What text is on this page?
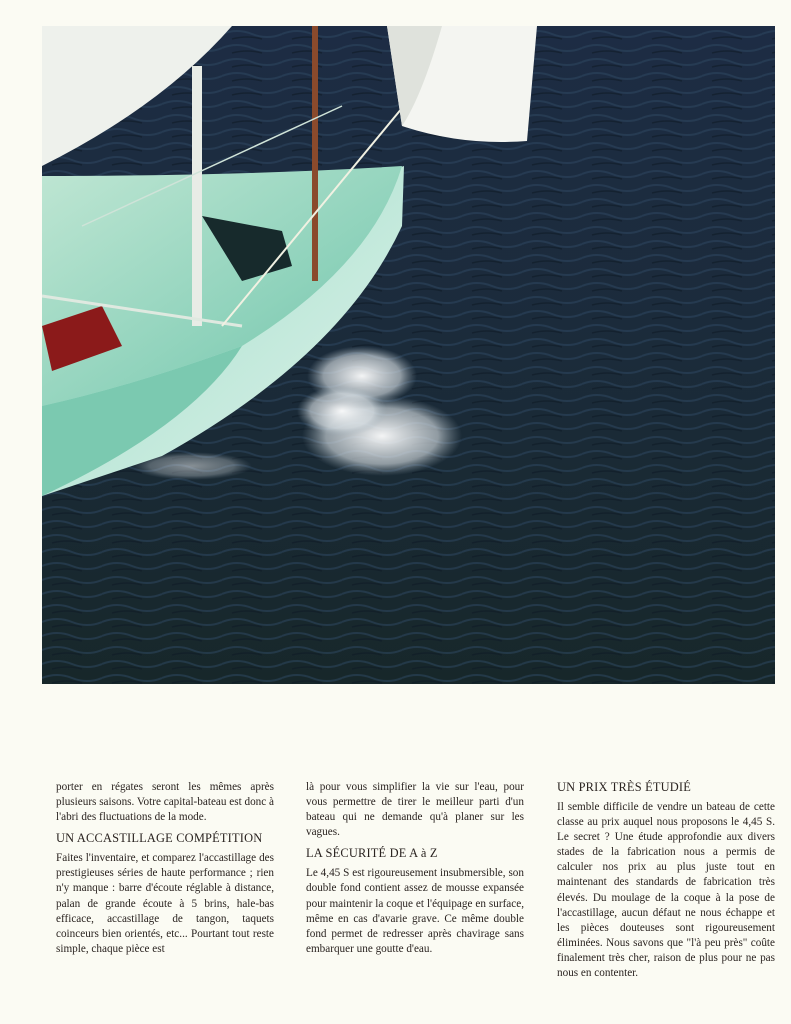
porter en régates seront les mêmes après plusieurs saisons. Votre capital-bateau est donc à l'abri des fluctuations de la mode.

UN ACCASTILLAGE COMPÉTITION

Faites l'inventaire, et comparez l'accastillage des prestigieuses séries de haute performance ; rien n'y manque : barre d'écoute réglable à distance, palan de grande écoute à 5 brins, hale-bas efficace, accastillage de tangon, taquets coinceurs bien orientés, etc... Pourtant tout reste simple, chaque pièce est

là pour vous simplifier la vie sur l'eau, pour vous permettre de tirer le meilleur parti d'un bateau qui ne demande qu'à planer sur les vagues.

LA SÉCURITÉ DE A à Z

Le 4,45 S est rigoureusement insubmersible, son double fond contient assez de mousse expansée pour maintenir la coque et l'équipage en surface, même en cas d'avarie grave. Ce même double fond permet de redresser après chavirage sans embarquer une goutte d'eau.

UN PRIX TRÈS ÉTUDIÉ

Il semble difficile de vendre un bateau de cette classe au prix auquel nous proposons le 4,45 S. Le secret ? Une étude approfondie aux divers stades de la fabrication nous a permis de calculer nos prix au plus juste tout en maintenant des standards de fabrication très élevés. Du moulage de la coque à la pose de l'accastillage, aucun défaut ne nous échappe et les pièces douteuses sont rigoureusement éliminées. Nous savons que "l'à peu près" coûte finalement très cher, raison de plus pour ne pas nous en contenter.
